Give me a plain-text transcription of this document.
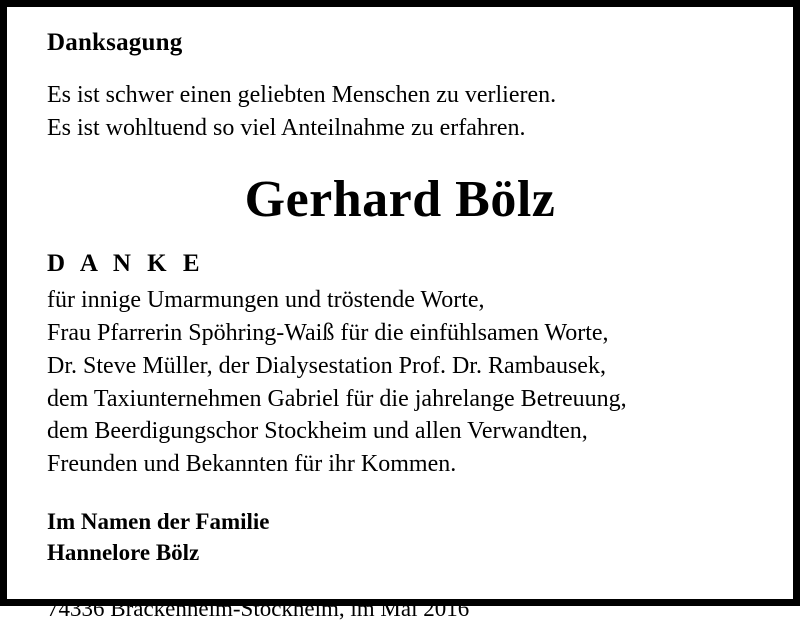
Danksagung
Es ist schwer einen geliebten Menschen zu verlieren.
Es ist wohltuend so viel Anteilnahme zu erfahren.
Gerhard Bölz
D A N K E
für innige Umarmungen und tröstende Worte,
Frau Pfarrerin Spöhring-Waiß für die einfühlsamen Worte,
Dr. Steve Müller, der Dialysestation Prof. Dr. Rambausek,
dem Taxiunternehmen Gabriel für die jahrelange Betreuung,
dem Beerdigungschor Stockheim und allen Verwandten,
Freunden und Bekannten für ihr Kommen.
Im Namen der Familie
Hannelore Bölz
74336 Brackenheim-Stockheim, im Mai 2016
